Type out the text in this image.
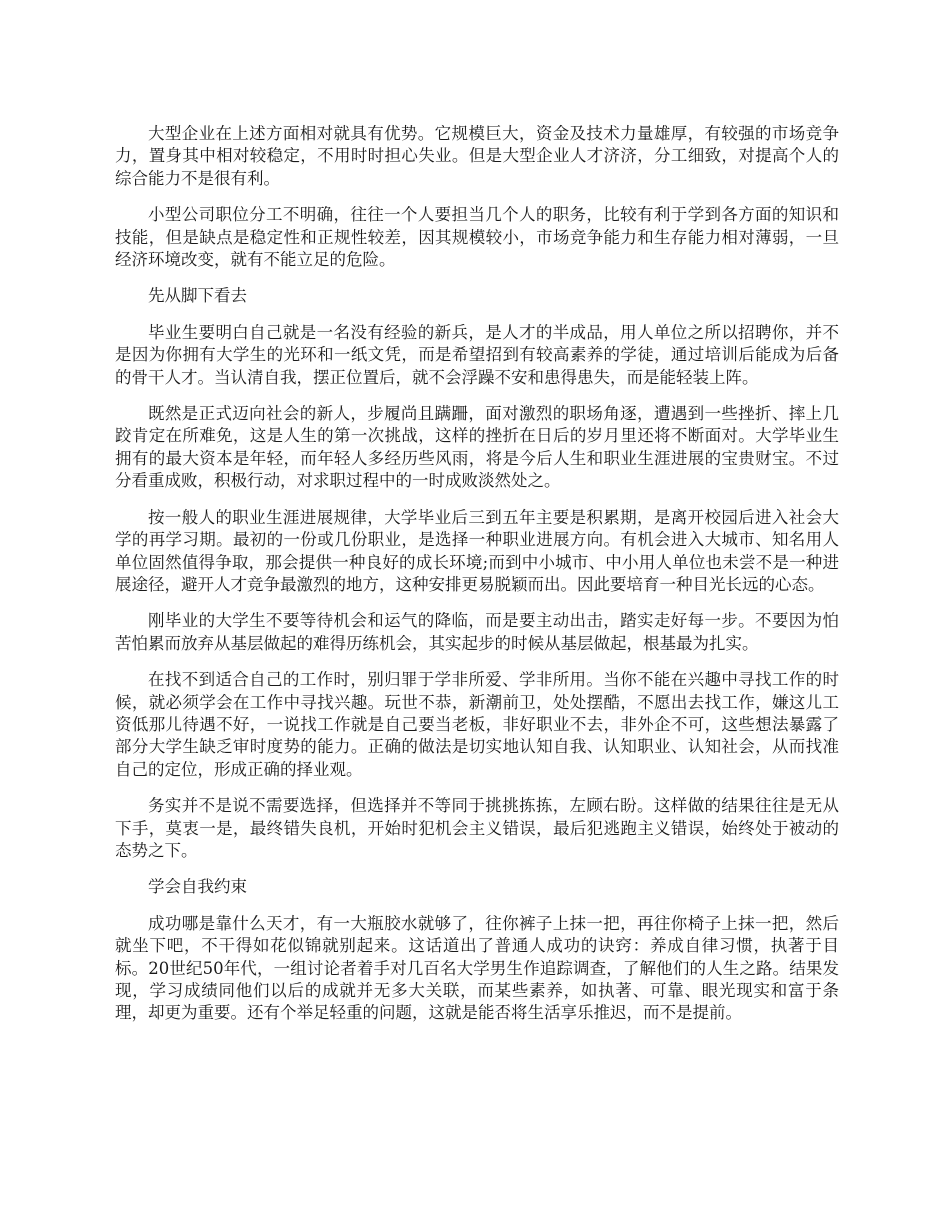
大型企业在上述方面相对就具有优势。它规模巨大，资金及技术力量雄厚，有较强的市场竞争力，置身其中相对较稳定，不用时时担心失业。但是大型企业人才济济，分工细致，对提高个人的综合能力不是很有利。

小型公司职位分工不明确，往往一个人要担当几个人的职务，比较有利于学到各方面的知识和技能，但是缺点是稳定性和正规性较差，因其规模较小，市场竞争能力和生存能力相对薄弱，一旦经济环境改变，就有不能立足的危险。

先从脚下看去

毕业生要明白自己就是一名没有经验的新兵，是人才的半成品，用人单位之所以招聘你，并不是因为你拥有大学生的光环和一纸文凭，而是希望招到有较高素养的学徒，通过培训后能成为后备的骨干人才。当认清自我，摆正位置后，就不会浮躁不安和患得患失，而是能轻装上阵。

既然是正式迈向社会的新人，步履尚且蹒跚，面对激烈的职场角逐，遭遇到一些挫折、摔上几跤肯定在所难免，这是人生的第一次挑战，这样的挫折在日后的岁月里还将不断面对。大学毕业生拥有的最大资本是年轻，而年轻人多经历些风雨，将是今后人生和职业生涯进展的宝贵财宝。不过分看重成败，积极行动，对求职过程中的一时成败淡然处之。

按一般人的职业生涯进展规律，大学毕业后三到五年主要是积累期，是离开校园后进入社会大学的再学习期。最初的一份或几份职业，是选择一种职业进展方向。有机会进入大城市、知名用人单位固然值得争取，那会提供一种良好的成长环境;而到中小城市、中小用人单位也未尝不是一种进展途径，避开人才竞争最激烈的地方，这种安排更易脱颖而出。因此要培育一种目光长远的心态。

刚毕业的大学生不要等待机会和运气的降临，而是要主动出击，踏实走好每一步。不要因为怕苦怕累而放弃从基层做起的难得历练机会，其实起步的时候从基层做起，根基最为扎实。

在找不到适合自己的工作时，别归罪于学非所爱、学非所用。当你不能在兴趣中寻找工作的时候，就必须学会在工作中寻找兴趣。玩世不恭，新潮前卫，处处摆酷，不愿出去找工作，嫌这儿工资低那儿待遇不好，一说找工作就是自己要当老板，非好职业不去，非外企不可，这些想法暴露了部分大学生缺乏审时度势的能力。正确的做法是切实地认知自我、认知职业、认知社会，从而找准自己的定位，形成正确的择业观。

务实并不是说不需要选择，但选择并不等同于挑挑拣拣，左顾右盼。这样做的结果往往是无从下手，莫衷一是，最终错失良机，开始时犯机会主义错误，最后犯逃跑主义错误，始终处于被动的态势之下。

学会自我约束

成功哪是靠什么天才，有一大瓶胶水就够了，往你裤子上抹一把，再往你椅子上抹一把，然后就坐下吧，不干得如花似锦就别起来。这话道出了普通人成功的诀窍：养成自律习惯，执著于目标。20世纪50年代，一组讨论者着手对几百名大学男生作追踪调查，了解他们的人生之路。结果发现，学习成绩同他们以后的成就并无多大关联，而某些素养，如执著、可靠、眼光现实和富于条理，却更为重要。还有个举足轻重的问题，这就是能否将生活享乐推迟，而不是提前。
